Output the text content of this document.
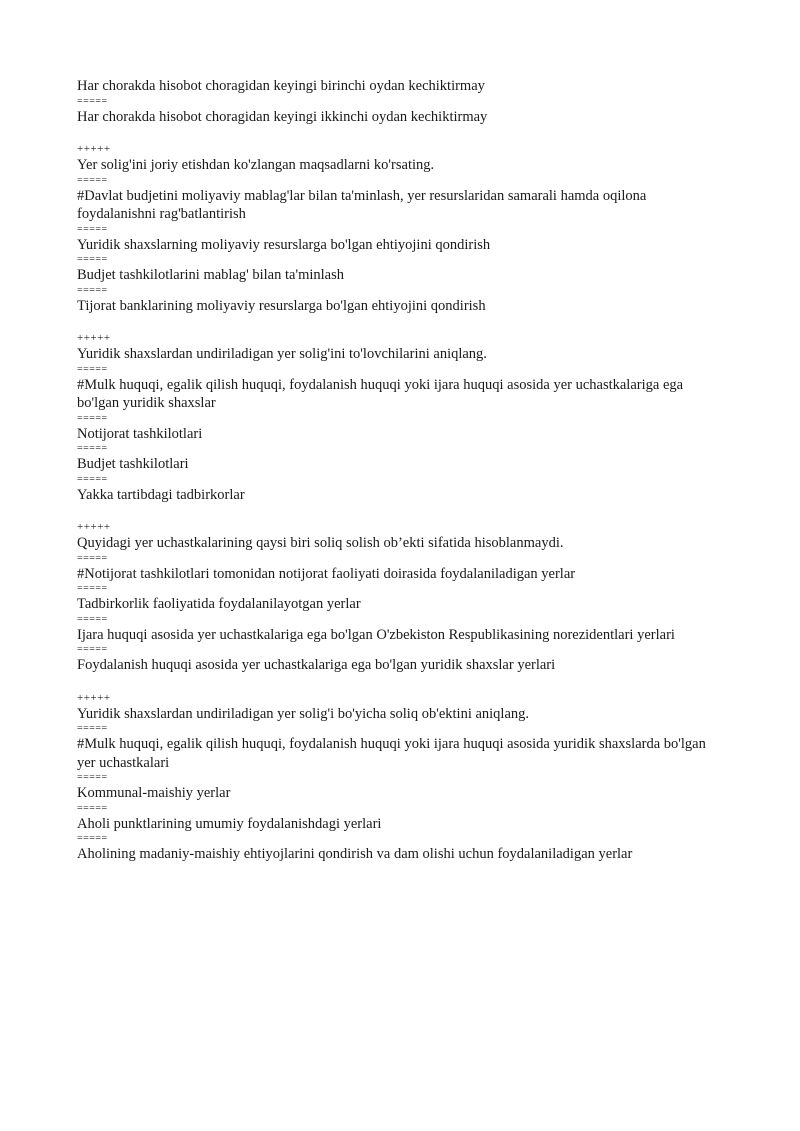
Har chorakda hisobot choragidan keyingi birinchi oydan kechiktirmay
=====
Har chorakda hisobot choragidan keyingi ikkinchi oydan kechiktirmay
+++++
Yer solig'ini joriy etishdan ko'zlangan maqsadlarni ko'rsating.
=====
#Davlat budjetini moliyaviy mablag'lar bilan ta'minlash, yer resurslaridan samarali hamda oqilona foydalanishni rag'batlantirish
=====
Yuridik shaxslarning moliyaviy resurslarga bo'lgan ehtiyojini qondirish
=====
Budjet tashkilotlarini mablag' bilan ta'minlash
=====
Tijorat banklarining moliyaviy resurslarga bo'lgan ehtiyojini qondirish
+++++
Yuridik shaxslardan undiriladigan yer solig'ini to'lovchilarini aniqlang.
=====
#Mulk huquqi, egalik qilish huquqi, foydalanish huquqi yoki ijara huquqi asosida yer uchastkalariga ega bo'lgan yuridik shaxslar
=====
Notijorat tashkilotlari
=====
Budjet tashkilotlari
=====
Yakka tartibdagi tadbirkorlar
+++++
Quyidagi yer uchastkalarining qaysi biri soliq solish ob’ekti sifatida hisoblanmaydi.
=====
#Notijorat tashkilotlari tomonidan notijorat faoliyati doirasida foydalaniladigan yerlar
=====
Tadbirkorlik faoliyatida foydalanilayotgan yerlar
=====
Ijara huquqi asosida yer uchastkalariga ega bo'lgan O'zbekiston Respublikasining norezidentlari yerlari
=====
Foydalanish huquqi asosida yer uchastkalariga ega bo'lgan yuridik shaxslar yerlari
+++++
Yuridik shaxslardan undiriladigan yer solig'i bo'yicha soliq ob'ektini aniqlang.
=====
#Mulk huquqi, egalik qilish huquqi, foydalanish huquqi yoki ijara huquqi asosida yuridik shaxslarda bo'lgan yer uchastkalari
=====
Kommunal-maishiy yerlar
=====
Aholi punktlarining umumiy foydalanishdagi yerlari
=====
Aholining madaniy-maishiy ehtiyojlarini qondirish va dam olishi uchun foydalaniladigan yerlar
